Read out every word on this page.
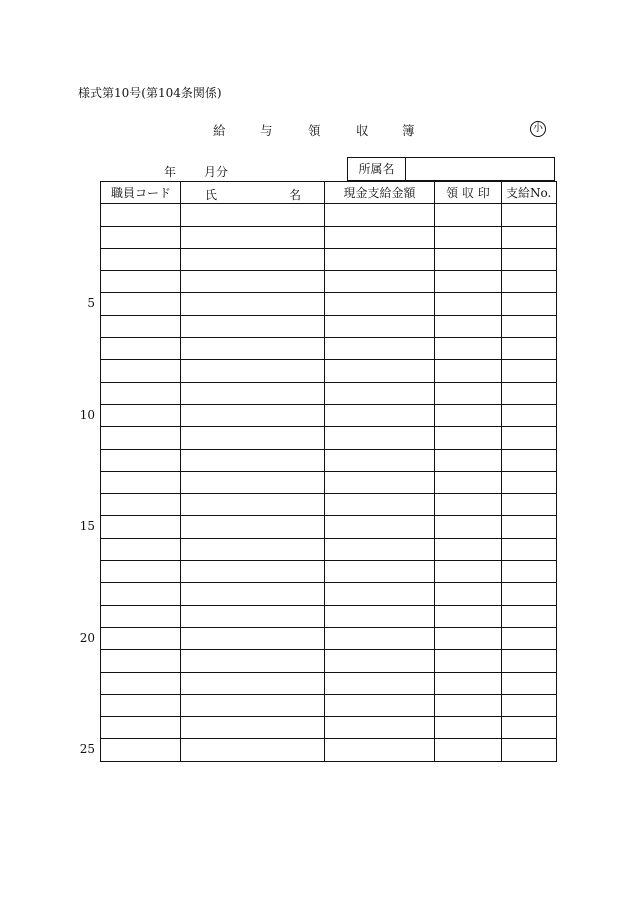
様式第10号(第104条関係)
給	与	領	収	簿	小
年 月分	所属名
職員コード	氏 名	現金支給金額	領 収 印	支給No.

5
10
15
20
25
